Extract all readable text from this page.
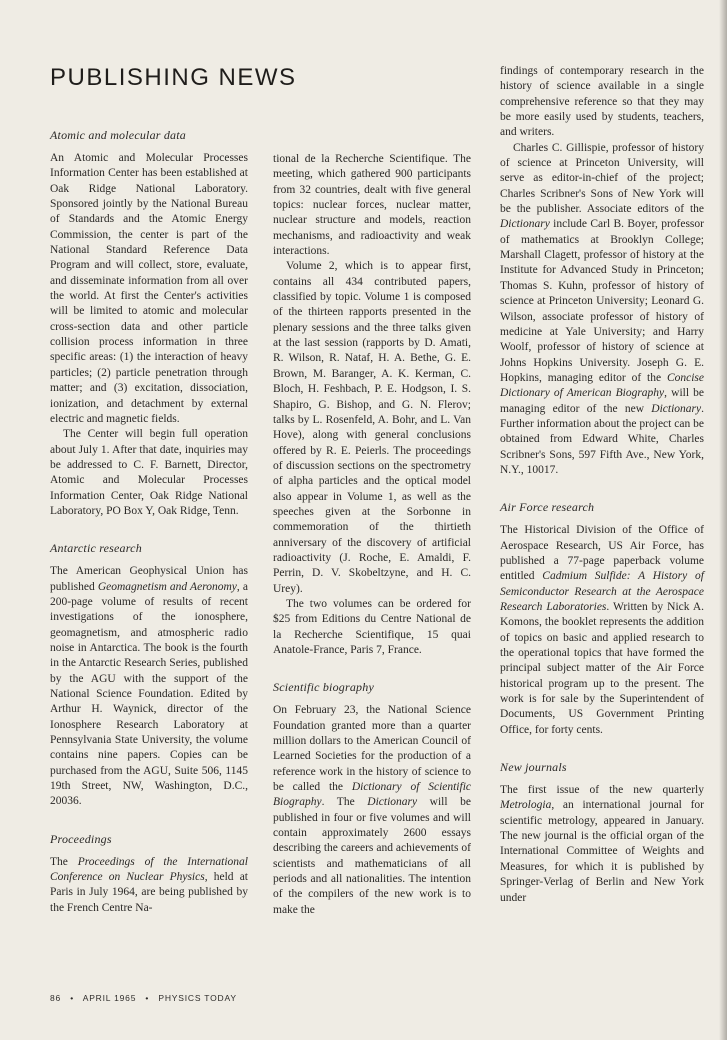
PUBLISHING NEWS
Atomic and molecular data

An Atomic and Molecular Processes Information Center has been established at Oak Ridge National Laboratory. Sponsored jointly by the National Bureau of Standards and the Atomic Energy Commission, the center is part of the National Standard Reference Data Program and will collect, store, evaluate, and disseminate information from all over the world. At first the Center's activities will be limited to atomic and molecular cross-section data and other particle collision process information in three specific areas: (1) the interaction of heavy particles; (2) particle penetration through matter; and (3) excitation, dissociation, ionization, and detachment by external electric and magnetic fields.

The Center will begin full operation about July 1. After that date, inquiries may be addressed to C. F. Barnett, Director, Atomic and Molecular Processes Information Center, Oak Ridge National Laboratory, PO Box Y, Oak Ridge, Tenn.

Antarctic research

The American Geophysical Union has published Geomagnetism and Aeronomy, a 200-page volume of results of recent investigations of the ionosphere, geomagnetism, and atmospheric radio noise in Antarctica. The book is the fourth in the Antarctic Research Series, published by the AGU with the support of the National Science Foundation. Edited by Arthur H. Waynick, director of the Ionosphere Research Laboratory at Pennsylvania State University, the volume contains nine papers. Copies can be purchased from the AGU, Suite 506, 1145 19th Street, NW, Washington, D.C., 20036.

Proceedings

The Proceedings of the International Conference on Nuclear Physics, held at Paris in July 1964, are being published by the French Centre Na-

tional de la Recherche Scientifique. The meeting, which gathered 900 participants from 32 countries, dealt with five general topics: nuclear forces, nuclear matter, nuclear structure and models, reaction mechanisms, and radioactivity and weak interactions.

Volume 2, which is to appear first, contains all 434 contributed papers, classified by topic. Volume 1 is composed of the thirteen rapports presented in the plenary sessions and the three talks given at the last session (rapports by D. Amati, R. Wilson, R. Nataf, H. A. Bethe, G. E. Brown, M. Baranger, A. K. Kerman, C. Bloch, H. Feshbach, P. E. Hodgson, I. S. Shapiro, G. Bishop, and G. N. Flerov; talks by L. Rosenfeld, A. Bohr, and L. Van Hove), along with general conclusions offered by R. E. Peierls. The proceedings of discussion sections on the spectrometry of alpha particles and the optical model also appear in Volume 1, as well as the speeches given at the Sorbonne in commemoration of the thirtieth anniversary of the discovery of artificial radioactivity (J. Roche, E. Amaldi, F. Perrin, D. V. Skobeltzyne, and H. C. Urey).

The two volumes can be ordered for $25 from Editions du Centre National de la Recherche Scientifique, 15 quai Anatole-France, Paris 7, France.

Scientific biography

On February 23, the National Science Foundation granted more than a quarter million dollars to the American Council of Learned Societies for the production of a reference work in the history of science to be called the Dictionary of Scientific Biography. The Dictionary will be published in four or five volumes and will contain approximately 2600 essays describing the careers and achievements of scientists and mathematicians of all periods and all nationalities. The intention of the compilers of the new work is to make the

findings of contemporary research in the history of science available in a single comprehensive reference so that they may be more easily used by students, teachers, and writers.

Charles C. Gillispie, professor of history of science at Princeton University, will serve as editor-in-chief of the project; Charles Scribner's Sons of New York will be the publisher. Associate editors of the Dictionary include Carl B. Boyer, professor of mathematics at Brooklyn College; Marshall Clagett, professor of history at the Institute for Advanced Study in Princeton; Thomas S. Kuhn, professor of history of science at Princeton University; Leonard G. Wilson, associate professor of history of medicine at Yale University; and Harry Woolf, professor of history of science at Johns Hopkins University. Joseph G. E. Hopkins, managing editor of the Concise Dictionary of American Biography, will be managing editor of the new Dictionary. Further information about the project can be obtained from Edward White, Charles Scribner's Sons, 597 Fifth Ave., New York, N.Y., 10017.

Air Force research

The Historical Division of the Office of Aerospace Research, US Air Force, has published a 77-page paperback volume entitled Cadmium Sulfide: A History of Semiconductor Research at the Aerospace Research Laboratories. Written by Nick A. Komons, the booklet represents the addition of topics on basic and applied research to the operational topics that have formed the principal subject matter of the Air Force historical program up to the present. The work is for sale by the Superintendent of Documents, US Government Printing Office, for forty cents.

New journals

The first issue of the new quarterly Metrologia, an international journal for scientific metrology, appeared in January. The new journal is the official organ of the International Committee of Weights and Measures, for which it is published by Springer-Verlag of Berlin and New York under

86 • APRIL 1965 • PHYSICS TODAY
